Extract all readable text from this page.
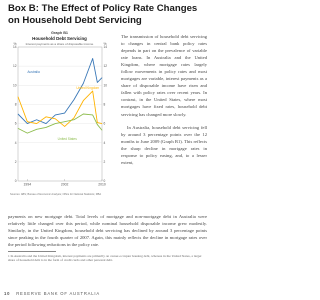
Box B: The Effect of Policy Rate Changes on Household Debt Servicing
Graph B1
Household Debt Servicing
Interest payments as a share of disposable income
0	0
2	2
4	4
6	6
8	8
10	10
12	12
14	14
%	%
1994	2002	2010
Australia
United Kingdom
United States
Sources: ABS; Bureau of Economic Analysis; Office for National Statistics; RBA

The transmission of household debt servicing to changes in central bank policy rates depends in part on the prevalence of variable rate loans. In Australia and the United Kingdom, where mortgage rates largely follow movements in policy rates and most mortgages are variable, interest payments as a share of disposable income have risen and fallen with policy rates over recent years. In contrast, in the United States, where most mortgages have fixed rates, household debt servicing has changed more slowly.

In Australia, household debt servicing fell by around 3 percentage points over the 12 months to June 2009 (Graph B1). This reflects the sharp decline in mortgage rates in response to policy easing, and, to a lesser extent,

payments on new mortgage debt. Total levels of mortgage and non-mortgage debt in Australia were relatively little changed over this period, while nominal household disposable income grew modestly. Similarly, in the United Kingdom, household debt servicing has declined by around 3 percentage points since peaking in the fourth quarter of 2007. Again, this mainly reflects the decline in mortgage rates over the period following reductions in the policy rate.

1 In Australia and the United Kingdom, interest payments are primarily on owner-occupier housing debt, whereas in the United States, a larger share of household debt is in the form of credit cards and other personal debt.

10 RESERVE BANK OF AUSTRALIA
